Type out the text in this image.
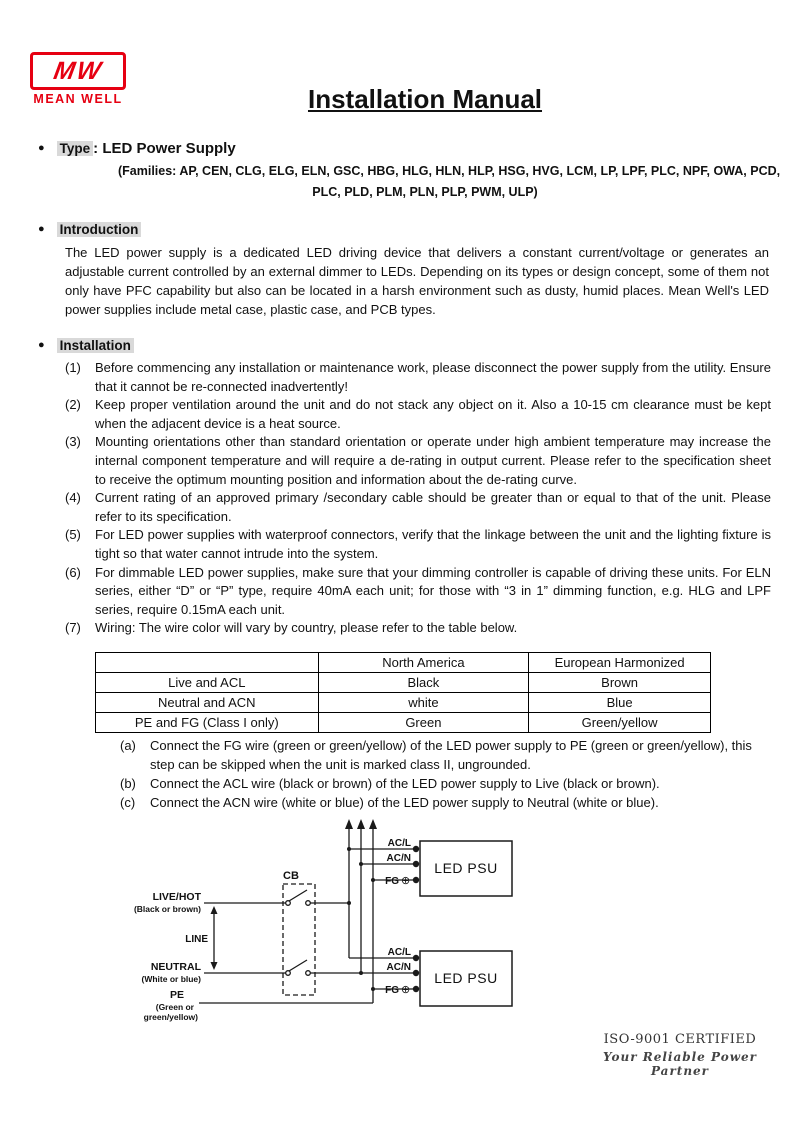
MW
MEAN WELL	Installation Manual
● Type : LED Power Supply
(Families: AP, CEN, CLG, ELG, ELN, GSC, HBG, HLG, HLN, HLP, HSG, HVG, LCM, LP, LPF, PLC, NPF, OWA, PCD,
PLC, PLD, PLM, PLN, PLP, PWM, ULP)
● Introduction
The LED power supply is a dedicated LED driving device that delivers a constant current/voltage or generates an adjustable current controlled by an external dimmer to LEDs. Depending on its types or design concept, some of them not only have PFC capability but also can be located in a harsh environment such as dusty, humid places. Mean Well's LED power supplies include metal case, plastic case, and PCB types.
● Installation
(1)	Before commencing any installation or maintenance work, please disconnect the power supply from the utility. Ensure that it cannot be re-connected inadvertently!
(2)	Keep proper ventilation around the unit and do not stack any object on it. Also a 10-15 cm clearance must be kept when the adjacent device is a heat source.
(3)	Mounting orientations other than standard orientation or operate under high ambient temperature may increase the internal component temperature and will require a de-rating in output current. Please refer to the specification sheet to receive the optimum mounting position and information about the de-rating curve.
(4)	Current rating of an approved primary /secondary cable should be greater than or equal to that of the unit. Please refer to its specification.
(5)	For LED power supplies with waterproof connectors, verify that the linkage between the unit and the lighting fixture is tight so that water cannot intrude into the system.
(6)	For dimmable LED power supplies, make sure that your dimming controller is capable of driving these units. For ELN series, either “D” or “P” type, require 40mA each unit; for those with “3 in 1” dimming function, e.g. HLG and LPF series, require 0.15mA each unit.
(7)	Wiring: The wire color will vary by country, please refer to the table below.
	North America	European Harmonized
Live and ACL	Black	Brown
Neutral and ACN	white	Blue
PE and FG (Class I only)	Green	Green/yellow
(a)	Connect the FG wire (green or green/yellow) of the LED power supply to PE (green or green/yellow), this step can be skipped when the unit is marked class II, ungrounded.
(b)	Connect the ACL wire (black or brown) of the LED power supply to Live (black or brown).
(c)	Connect the ACN wire (white or blue) of the LED power supply to Neutral (white or blue).
LED PSU
LED PSU
AC/L
AC/N
FG ⊕
AC/L
AC/N
FG ⊕
CB
LIVE/HOT
(Black or brown)
LINE
NEUTRAL
(White or blue)
PE
(Green or
green/yellow)
ISO-9001 CERTIFIED
Your Reliable Power Partner
